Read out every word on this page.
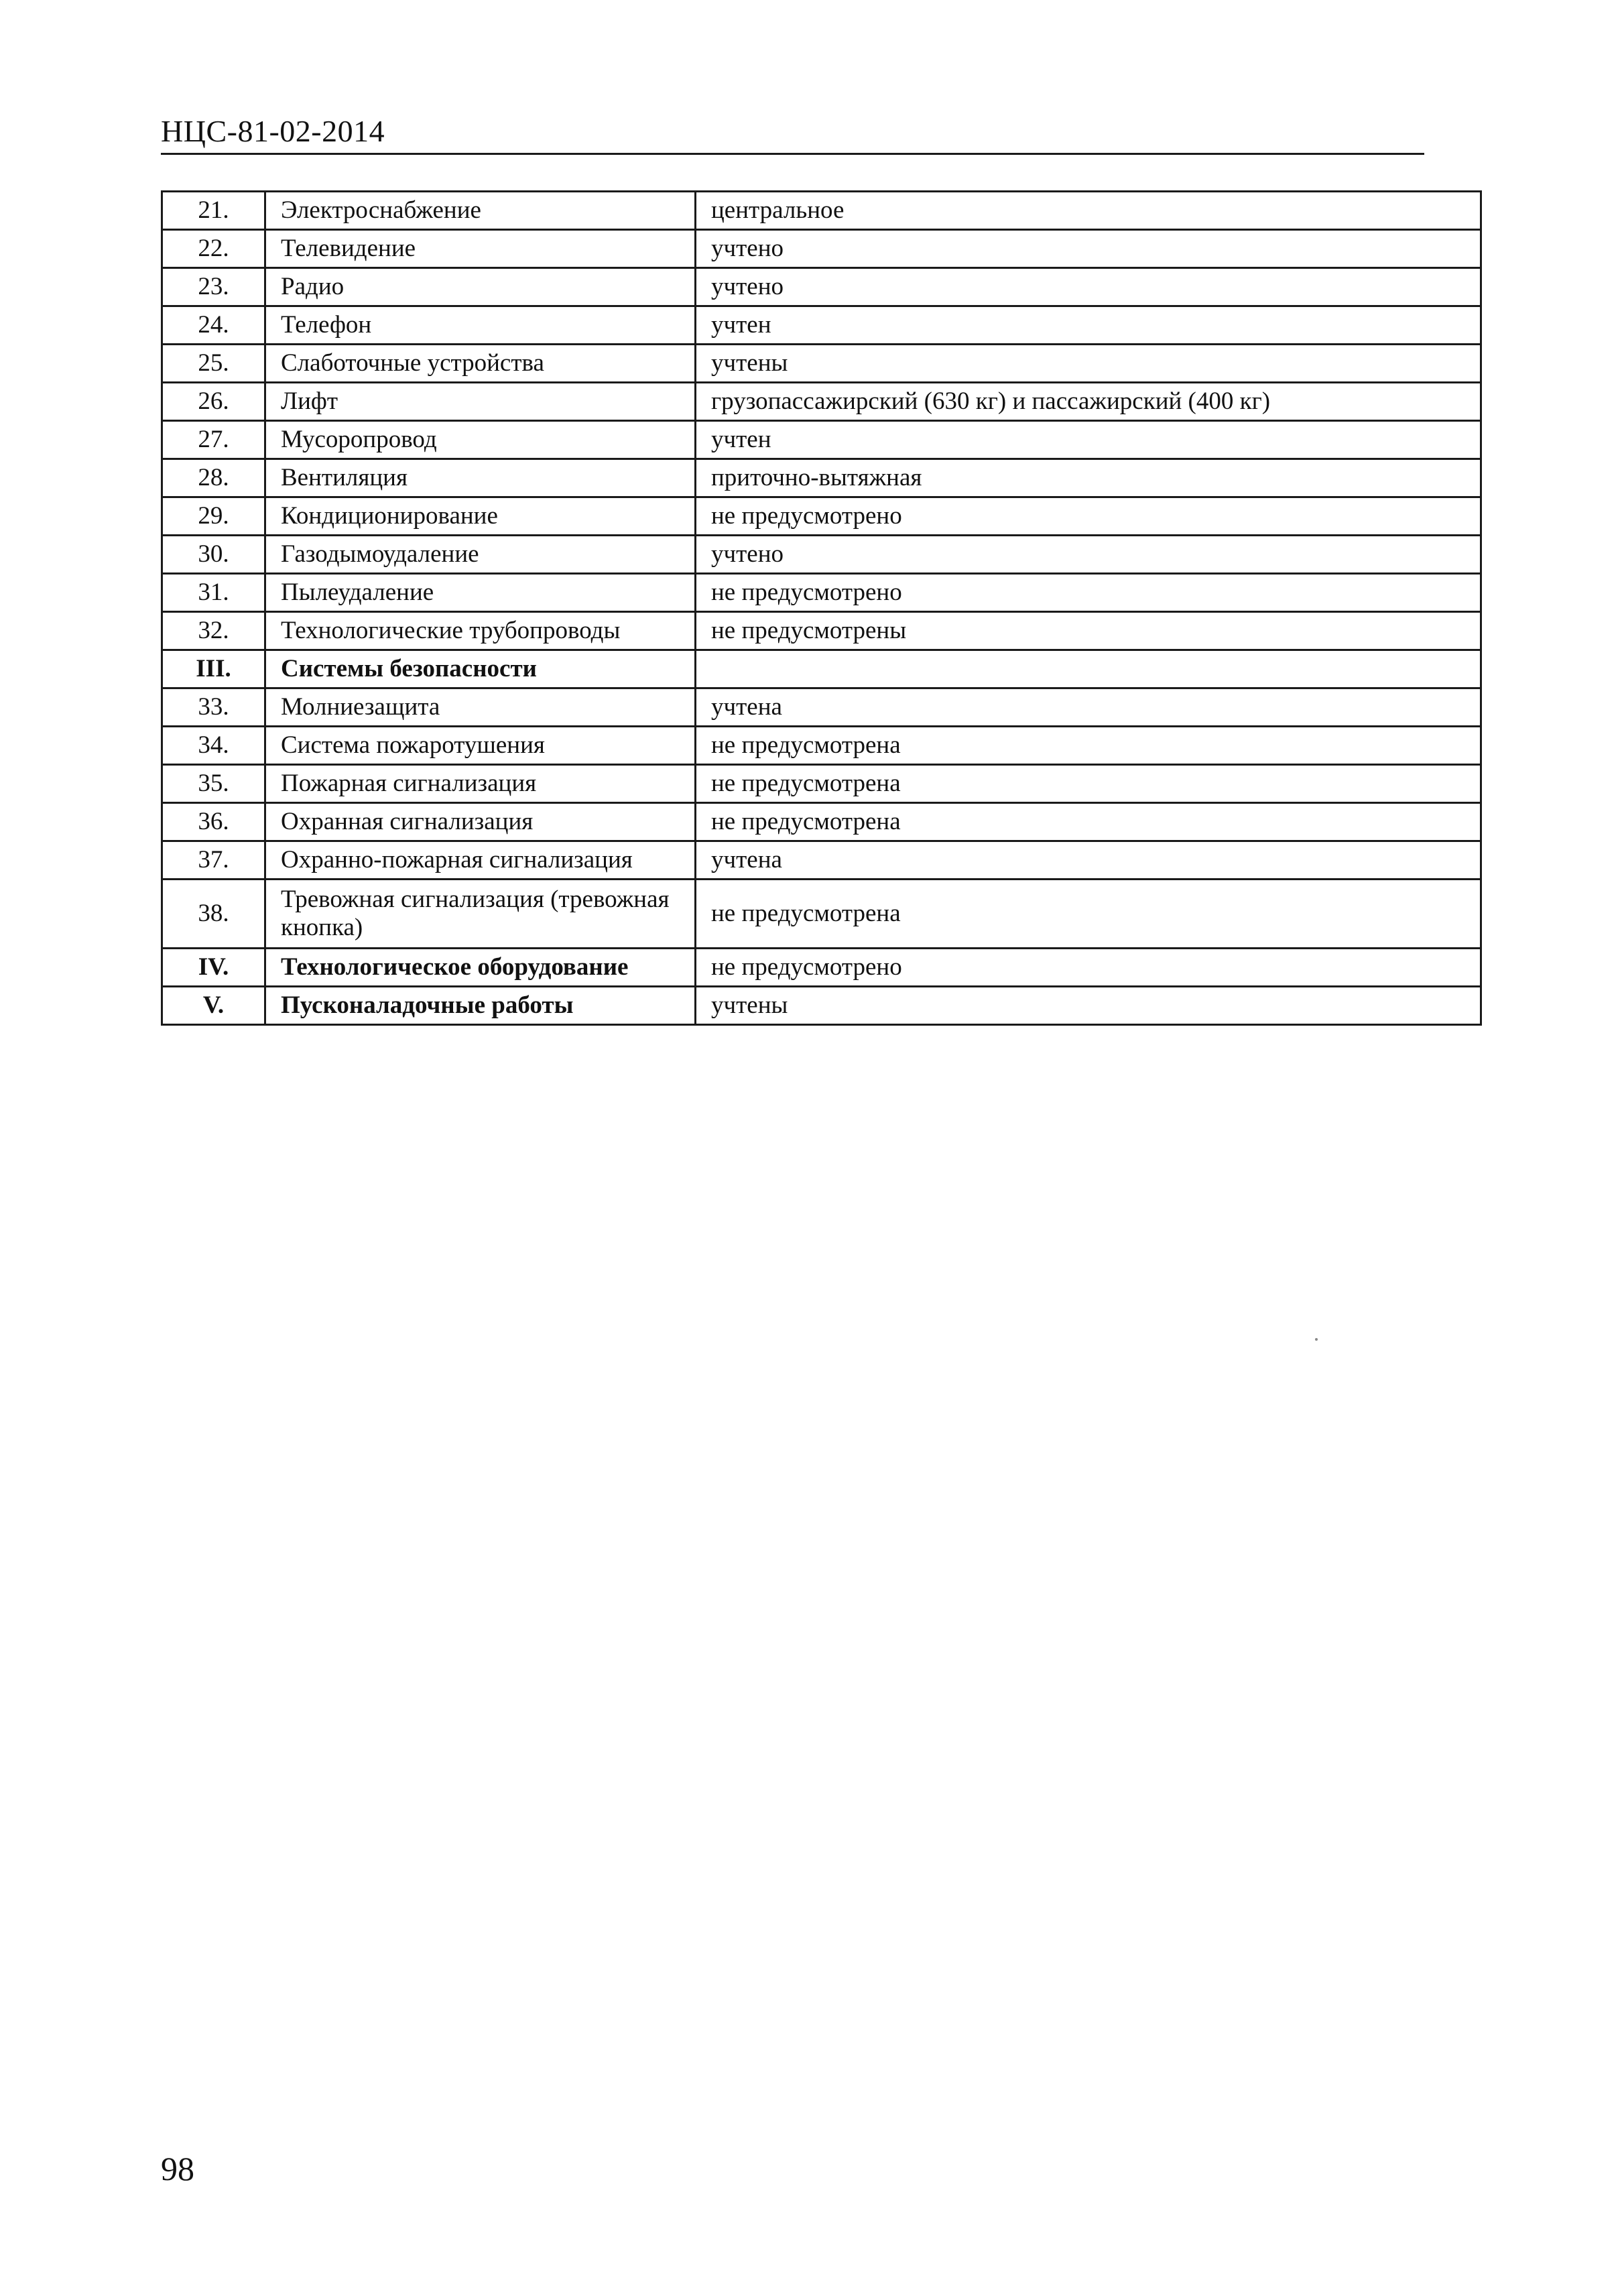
НЦС-81-02-2014
21.	Электроснабжение	центральное
22.	Телевидение	учтено
23.	Радио	учтено
24.	Телефон	учтен
25.	Слаботочные устройства	учтены
26.	Лифт	грузопассажирский (630 кг) и пассажирский (400 кг)
27.	Мусоропровод	учтен
28.	Вентиляция	приточно-вытяжная
29.	Кондиционирование	не предусмотрено
30.	Газодымоудаление	учтено
31.	Пылеудаление	не предусмотрено
32.	Технологические трубопроводы	не предусмотрены
III.	Системы безопасности	
33.	Молниезащита	учтена
34.	Система пожаротушения	не предусмотрена
35.	Пожарная сигнализация	не предусмотрена
36.	Охранная сигнализация	не предусмотрена
37.	Охранно-пожарная сигнализация	учтена
38.	Тревожная сигнализация (тревожная кнопка)	не предусмотрена
IV.	Технологическое оборудование	не предусмотрено
V.	Пусконаладочные работы	учтены
98
